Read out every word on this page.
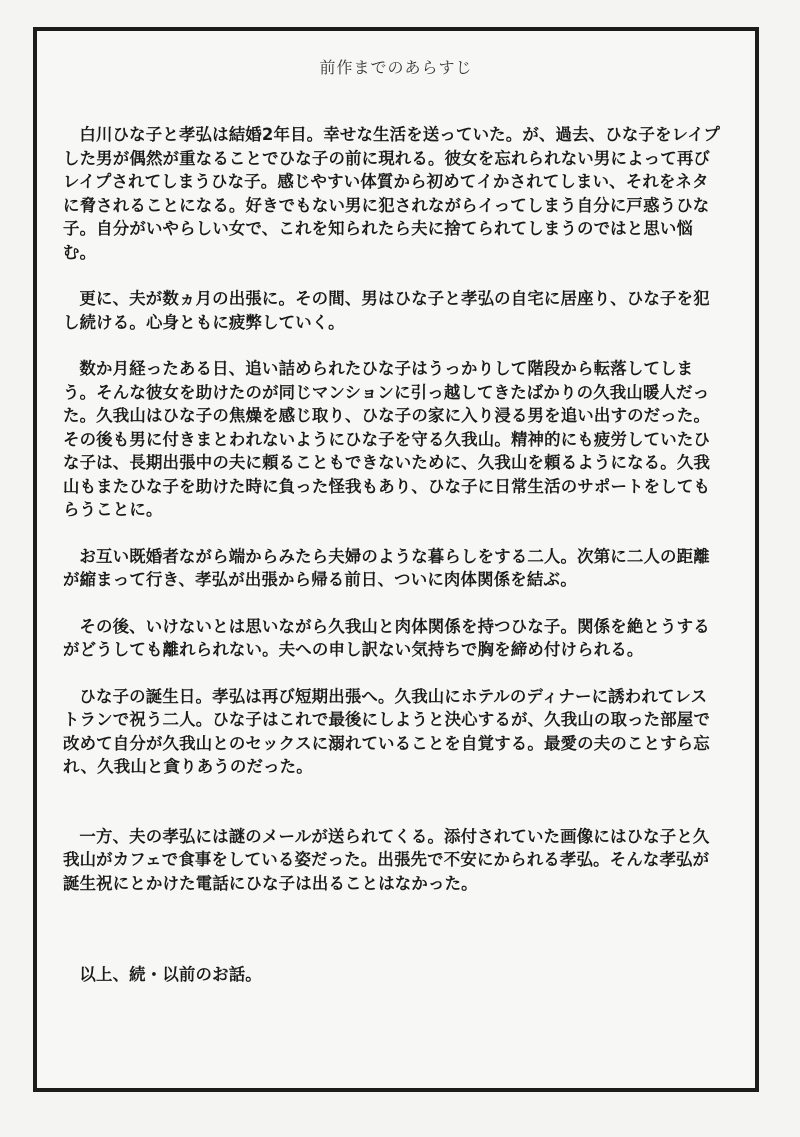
前作までのあらすじ

白川ひな子と孝弘は結婚2年目。幸せな生活を送っていた。が、過去、ひな子をレイプした男が偶然が重なることでひな子の前に現れる。彼女を忘れられない男によって再びレイプされてしまうひな子。感じやすい体質から初めてイかされてしまい、それをネタに脅されることになる。好きでもない男に犯されながらイってしまう自分に戸惑うひな子。自分がいやらしい女で、これを知られたら夫に捨てられてしまうのではと思い悩む。

更に、夫が数ヵ月の出張に。その間、男はひな子と孝弘の自宅に居座り、ひな子を犯し続ける。心身ともに疲弊していく。

数か月経ったある日、追い詰められたひな子はうっかりして階段から転落してしまう。そんな彼女を助けたのが同じマンションに引っ越してきたばかりの久我山暖人だった。久我山はひな子の焦燥を感じ取り、ひな子の家に入り浸る男を追い出すのだった。その後も男に付きまとわれないようにひな子を守る久我山。精神的にも疲労していたひな子は、長期出張中の夫に頼ることもできないために、久我山を頼るようになる。久我山もまたひな子を助けた時に負った怪我もあり、ひな子に日常生活のサポートをしてもらうことに。

お互い既婚者ながら端からみたら夫婦のような暮らしをする二人。次第に二人の距離が縮まって行き、孝弘が出張から帰る前日、ついに肉体関係を結ぶ。

その後、いけないとは思いながら久我山と肉体関係を持つひな子。関係を絶とうするがどうしても離れられない。夫への申し訳ない気持ちで胸を締め付けられる。

ひな子の誕生日。孝弘は再び短期出張へ。久我山にホテルのディナーに誘われてレストランで祝う二人。ひな子はこれで最後にしようと決心するが、久我山の取った部屋で改めて自分が久我山とのセックスに溺れていることを自覚する。最愛の夫のことすら忘れ、久我山と貪りあうのだった。

一方、夫の孝弘には謎のメールが送られてくる。添付されていた画像にはひな子と久我山がカフェで食事をしている姿だった。出張先で不安にかられる孝弘。そんな孝弘が誕生祝にとかけた電話にひな子は出ることはなかった。

以上、続・以前のお話。
